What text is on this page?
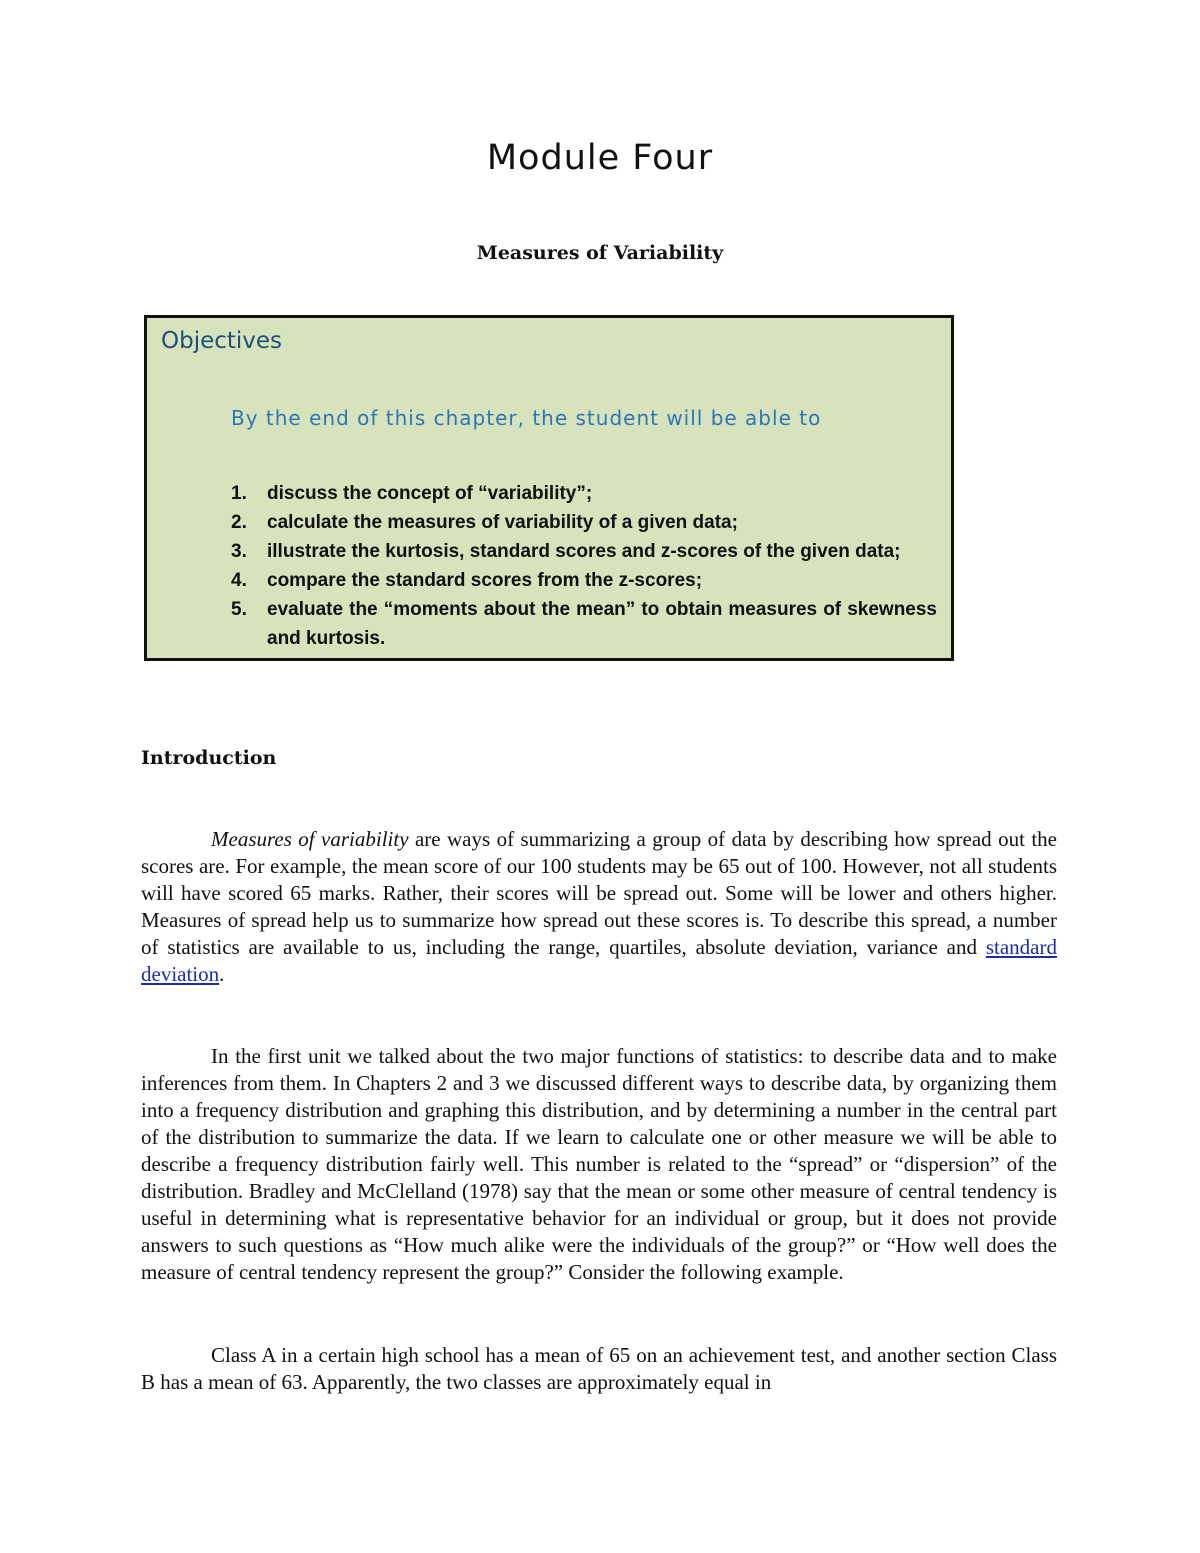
Module Four
Measures of Variability
Objectives
By the end of this chapter, the student will be able to
1. discuss the concept of “variability”;
2. calculate the measures of variability of a given data;
3. illustrate the kurtosis, standard scores and z-scores of the given data;
4. compare the standard scores from the z-scores;
5. evaluate the “moments about the mean” to obtain measures of skewness and kurtosis.
Introduction

Measures of variability are ways of summarizing a group of data by describing how spread out the scores are. For example, the mean score of our 100 students may be 65 out of 100. However, not all students will have scored 65 marks. Rather, their scores will be spread out. Some will be lower and others higher. Measures of spread help us to summarize how spread out these scores is. To describe this spread, a number of statistics are available to us, including the range, quartiles, absolute deviation, variance and standard deviation.

In the first unit we talked about the two major functions of statistics: to describe data and to make inferences from them. In Chapters 2 and 3 we discussed different ways to describe data, by organizing them into a frequency distribution and graphing this distribution, and by determining a number in the central part of the distribution to summarize the data. If we learn to calculate one or other measure we will be able to describe a frequency distribution fairly well. This number is related to the “spread” or “dispersion” of the distribution. Bradley and McClelland (1978) say that the mean or some other measure of central tendency is useful in determining what is representative behavior for an individual or group, but it does not provide answers to such questions as “How much alike were the individuals of the group?” or “How well does the measure of central tendency represent the group?” Consider the following example.

Class A in a certain high school has a mean of 65 on an achievement test, and another section Class B has a mean of 63. Apparently, the two classes are approximately equal in
